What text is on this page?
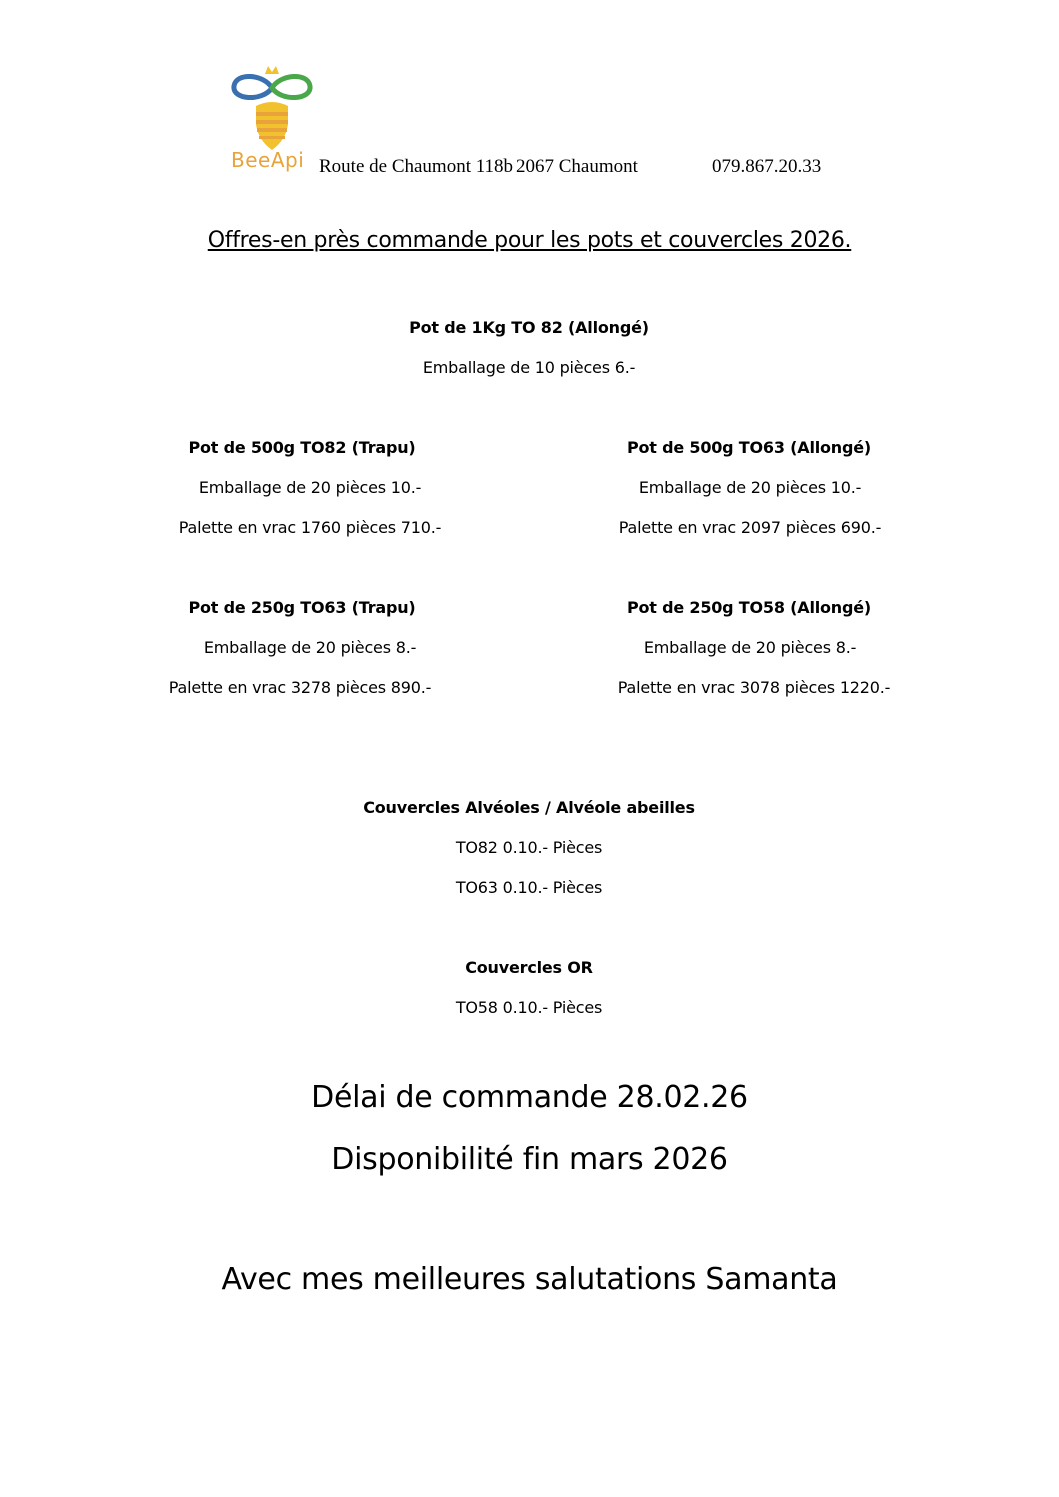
BeeApi Route de Chaumont 118b 2067 Chaumont	079.867.20.33
Offres-en près commande pour les pots et couvercles 2026.
Pot de 1Kg TO 82 (Allongé)
Emballage de 10 pièces 6.-
Pot de 500g TO82 (Trapu)
Emballage de 20 pièces 10.-
Palette en vrac 1760 pièces 710.-
Pot de 500g TO63 (Allongé)
Emballage de 20 pièces 10.-
Palette en vrac 2097 pièces 690.-
Pot de 250g TO63 (Trapu)
Emballage de 20 pièces 8.-
Palette en vrac 3278 pièces 890.-
Pot de 250g TO58 (Allongé)
Emballage de 20 pièces 8.-
Palette en vrac 3078 pièces 1220.-
Couvercles Alvéoles / Alvéole abeilles
TO82 0.10.- Pièces
TO63 0.10.- Pièces
Couvercles OR
TO58 0.10.- Pièces
Délai de commande 28.02.26
Disponibilité fin mars 2026
Avec mes meilleures salutations Samanta
